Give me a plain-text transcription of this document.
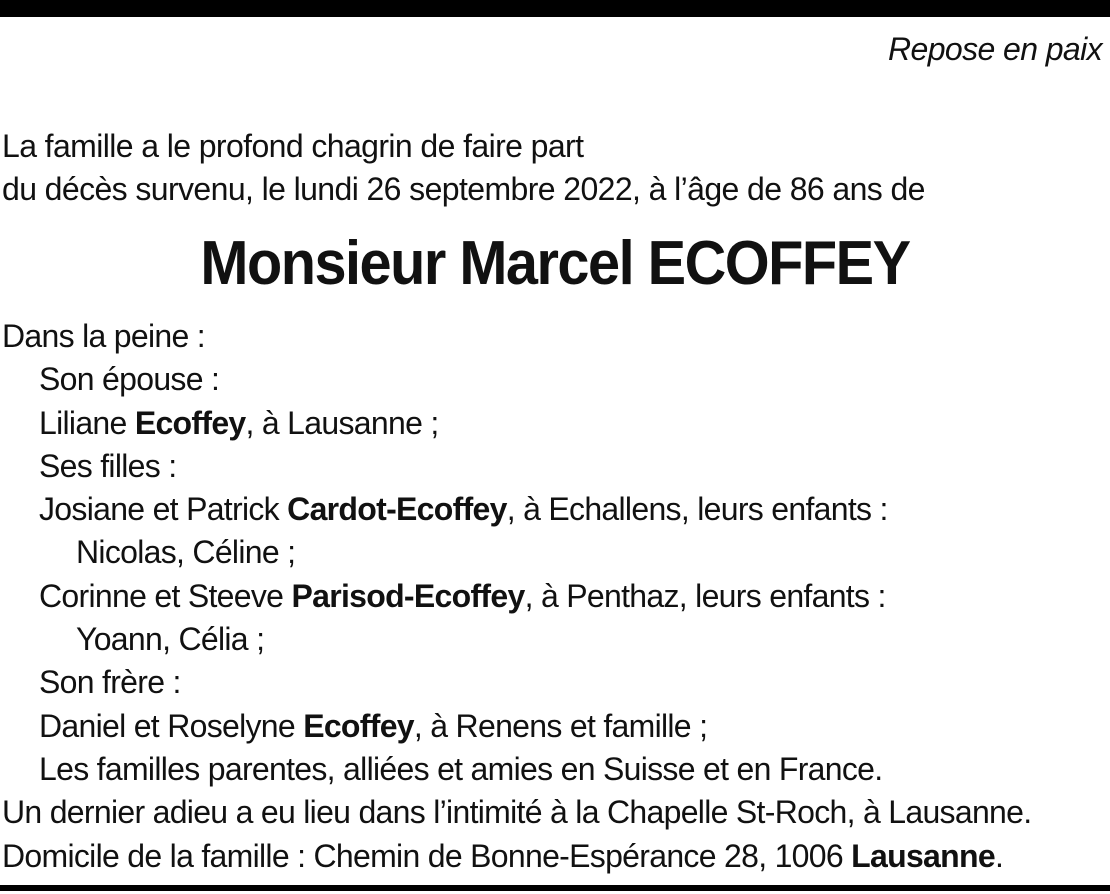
Repose en paix
La famille a le profond chagrin de faire part
du décès survenu, le lundi 26 septembre 2022, à l’âge de 86 ans de
Monsieur Marcel ECOFFEY
Dans la peine :
Son épouse :
Liliane Ecoffey, à Lausanne ;
Ses filles :
Josiane et Patrick Cardot-Ecoffey, à Echallens, leurs enfants :
Nicolas, Céline ;
Corinne et Steeve Parisod-Ecoffey, à Penthaz, leurs enfants :
Yoann, Célia ;
Son frère :
Daniel et Roselyne Ecoffey, à Renens et famille ;
Les familles parentes, alliées et amies en Suisse et en France.
Un dernier adieu a eu lieu dans l’intimité à la Chapelle St-Roch, à Lausanne.
Domicile de la famille : Chemin de Bonne-Espérance 28, 1006 Lausanne.
